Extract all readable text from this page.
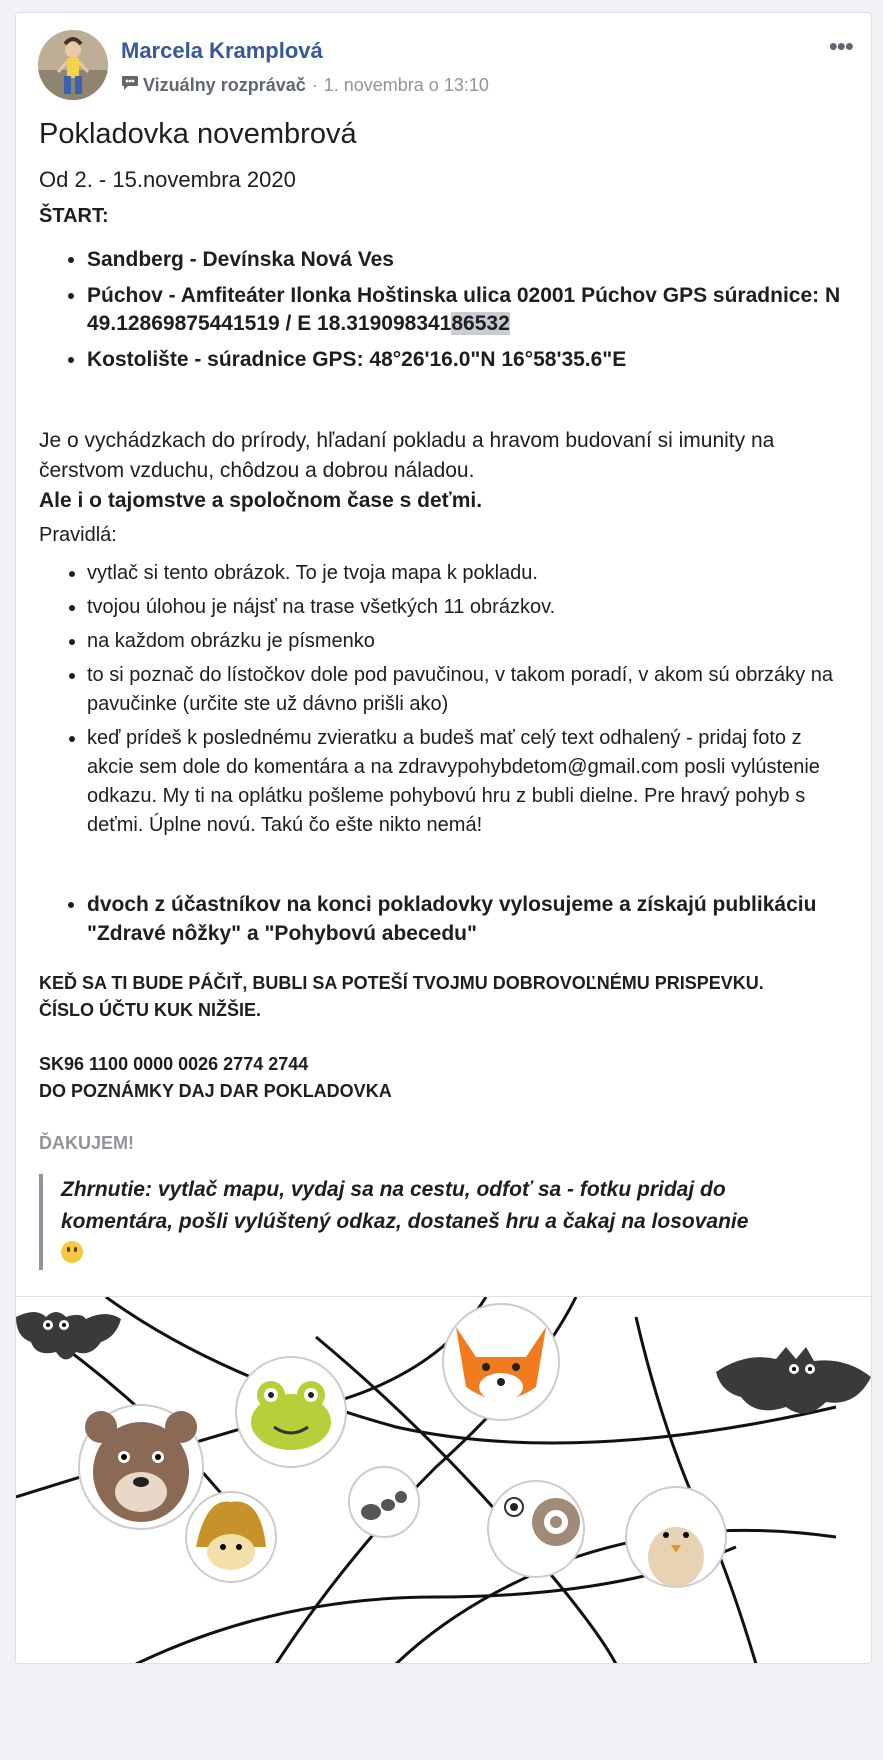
Marcela Kramplová
Vizuálny rozprávač · 1. novembra o 13:10
•••
Pokladovka novembrová
Od 2. - 15.novembra 2020
ŠTART:
• Sandberg - Devínska Nová Ves
• Púchov - Amfiteáter Ilonka Hoštinska ulica 02001 Púchov GPS súradnice: N 49.12869875441519 / E 18.31909834186532
• Kostolište - súradnice GPS: 48°26'16.0"N 16°58'35.6"E
Je o vychádzkach do prírody, hľadaní pokladu a hravom budovaní si imunity na čerstvom vzduchu, chôdzou a dobrou náladou.
Ale i o tajomstve a spoločnom čase s deťmi.
Pravidlá:
• vytlač si tento obrázok. To je tvoja mapa k pokladu.
• tvojou úlohou je nájsť na trase všetkých 11 obrázkov.
• na každom obrázku je písmenko
• to si poznač do lístočkov dole pod pavučinou, v takom poradí, v akom sú obrzáky na pavučinke (určite ste už dávno prišli ako)
• keď prídeš k poslednému zvieratku a budeš mať celý text odhalený - pridaj foto z akcie sem dole do komentára a na zdravypohybdetom@gmail.com posli vylústenie odkazu. My ti na oplátku pošleme pohybovú hru z bubli dielne. Pre hravý pohyb s deťmi. Úplne novú. Takú čo ešte nikto nemá!
• dvoch z účastníkov na konci pokladovky vylosujeme a získajú publikáciu "Zdravé nôžky" a "Pohybovú abecedu"
KEĎ SA TI BUDE PÁČIŤ, BUBLI SA POTEŠÍ TVOJMU DOBROVOĽNÉMU PRISPEVKU.
ČÍSLO ÚČTU KUK NIŽŠIE.
SK96 1100 0000 0026 2774 2744
DO POZNÁMKY DAJ DAR POKLADOVKA
ĎAKUJEM!
Zhrnutie: vytlač mapu, vydaj sa na cestu, odfoť sa - fotku pridaj do komentára, pošli vylúštený odkaz, dostaneš hru a čakaj na losovanie
